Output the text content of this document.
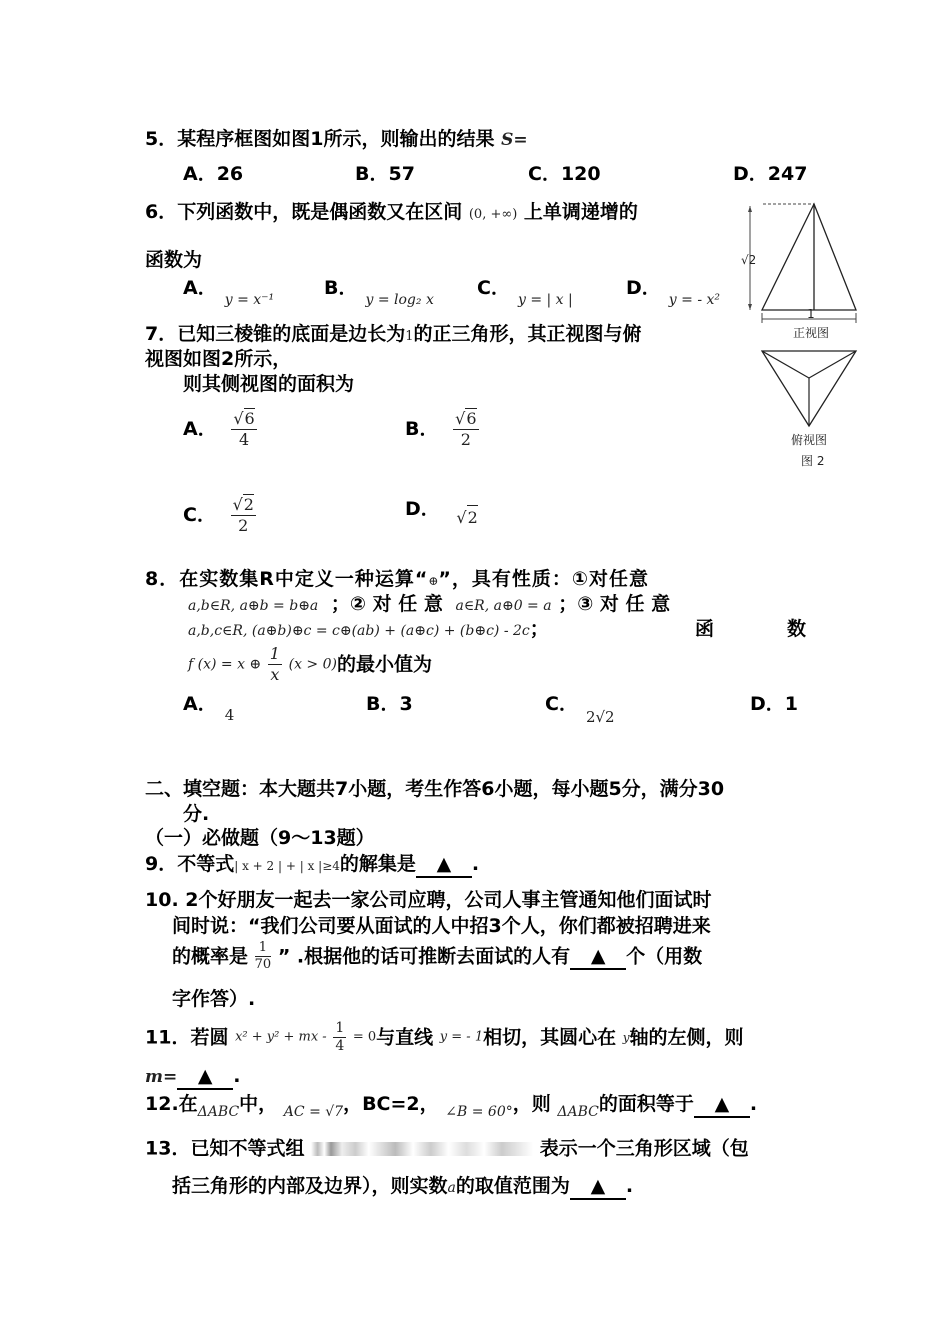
5．某程序框图如图1所示，则输出的结果 S=
A．26	B．57	C．120	D．247
6．下列函数中，既是偶函数又在区间 (0, +∞) 上单调递增的
函数为
A．$_{y = x^{-1}}$
B．$_{y = log_2 x}$
C．$_{y = | x |}$
D．$_{y = - x^2}$
√2
1
正视图
俯视图
图 2
7．已知三棱锥的底面是边长为1的正三角形，其正视图与俯
视图如图2所示，
则其侧视图的面积为
A． $\frac{√6}{4}$	B． $\frac{√6}{2}$
C． $\frac{√2}{2}$	D． $_{√2}$
8．在实数集R中定义一种运算“⊕”，具有性质：①对任意
a,b∈R, a⊕b = b⊕a ；② 对 任 意 a∈R, a⊕0 = a ；③ 对 任 意
a,b,c∈R, (a⊕b)⊕c = c⊕(ab) + (a⊕c) + (b⊕c) - 2c；	函	数
f (x) = x ⊕ $\frac{1}{x} (x > 0)$的最小值为
A． $_4$	B．3	C．$_{2√2}$
D．1
二、填空题：本大题共7小题，考生作答6小题，每小题5分，满分30
分.
（一）必做题（9～13题）
9．不等式| x + 2 | + | x |≥4的解集是 ▲ .
10. 2个好朋友一起去一家公司应聘，公司人事主管通知他们面试时
间时说：“我们公司要从面试的人中招3个人，你们都被招聘进来
的概率是 $\frac{1}{70}$ ” .根据他的话可推断去面试的人有 ▲ 个（用数
字作答）.
11．若圆 x² + y² + mx - $\frac{1}{4} = 0$与直线 y = - 1相切，其圆心在 y轴的左侧，则
m= ▲ .
12.在$_{\Delta ABC}$中， $_{AC = √7}$，BC=2， $_{\angle B = 60^\circ}$，则 $_{\Delta ABC}$的面积等于 ▲ .
13．已知不等式组	表示一个三角形区域（包
括三角形的内部及边界），则实数a的取值范围为 ▲ .
